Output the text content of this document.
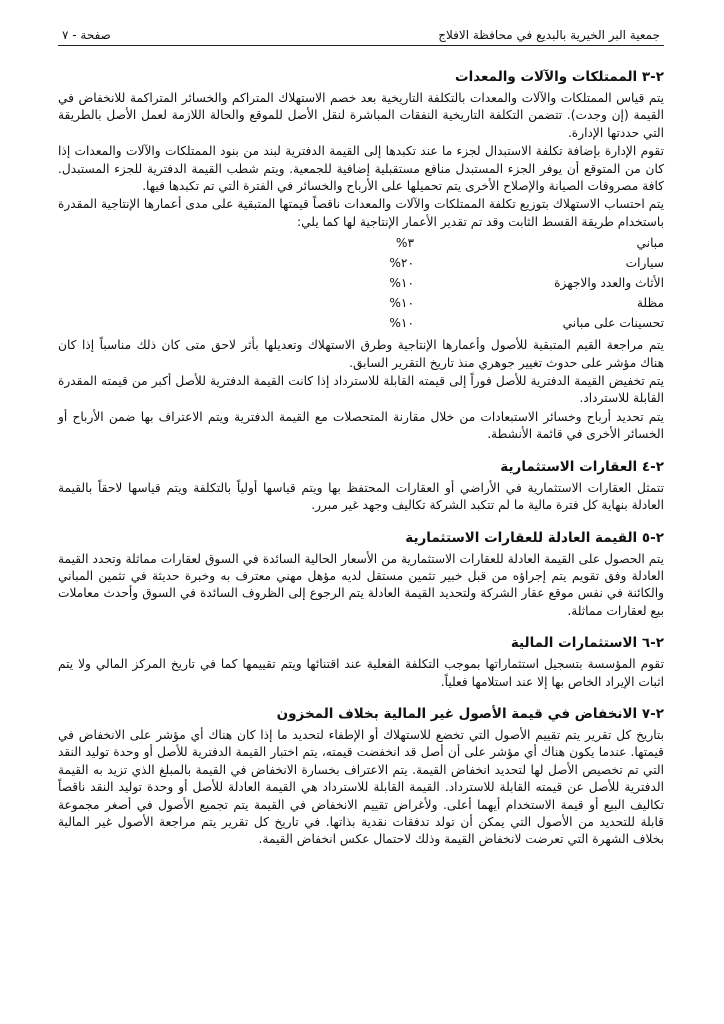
جمعية البر الخيرية بالبديع في محافظة الافلاج
صفحة - ٧
٢-٣ الممتلكات والآلات والمعدات

يتم قياس الممتلكات والآلات والمعدات بالتكلفة التاريخية بعد خصم الاستهلاك المتراكم والخسائر المتراكمة للانخفاض في القيمة (إن وجدت). تتضمن التكلفة التاريخية النفقات المباشرة لنقل الأصل للموقع والحالة اللازمة لعمل الأصل بالطريقة التي حددتها الإدارة.

تقوم الإدارة بإضافة تكلفة الاستبدال لجزء ما عند تكبدها إلى القيمة الدفترية لبند من بنود الممتلكات والآلات والمعدات إذا كان من المتوقع أن يوفر الجزء المستبدل منافع مستقبلية إضافية للجمعية. ويتم شطب القيمة الدفترية للجزء المستبدل. كافة مصروفات الصيانة والإصلاح الأخرى يتم تحميلها على الأرباح والخسائر في الفترة التي تم تكبدها فيها.

يتم احتساب الاستهلاك بتوزيع تكلفة الممتلكات والآلات والمعدات ناقصاً قيمتها المتبقية على مدى أعمارها الإنتاجية المقدرة باستخدام طريقة القسط الثابت وقد تم تقدير الأعمار الإنتاجية لها كما يلي:

مباني
٣%
سيارات
٢٠%
الأثاث والعدد والاجهزة
١٠%
مظلة
١٠%
تحسينات على مباني
١٠%

يتم مراجعة القيم المتبقية للأصول وأعمارها الإنتاجية وطرق الاستهلاك وتعديلها بأثر لاحق متى كان ذلك مناسباً إذا كان هناك مؤشر على حدوث تغيير جوهري منذ تاريخ التقرير السابق.

يتم تخفيض القيمة الدفترية للأصل فوراً إلى قيمته القابلة للاسترداد إذا كانت القيمة الدفترية للأصل أكبر من قيمته المقدرة القابلة للاسترداد.

يتم تحديد أرباح وخسائر الاستبعادات من خلال مقارنة المتحصلات مع القيمة الدفترية ويتم الاعتراف بها ضمن الأرباح أو الخسائر الأخرى في قائمة الأنشطة.

٢-٤ العقارات الاستثمارية

تتمثل العقارات الاستثمارية في الأراضي أو العقارات المحتفظ بها ويتم قياسها أولياً بالتكلفة ويتم قياسها لاحقاً بالقيمة العادلة بنهاية كل فترة مالية ما لم تتكبد الشركة تكاليف وجهد غير مبرر.

٢-٥ القيمة العادلة للعقارات الاستثمارية

يتم الحصول على القيمة العادلة للعقارات الاستثمارية من الأسعار الحالية السائدة في السوق لعقارات مماثلة وتحدد القيمة العادلة وفق تقويم يتم إجراؤه من قبل خبير تثمين مستقل لديه مؤهل مهني معترف به وخبرة حديثة في تثمين المباني والكائنة في نفس موقع عقار الشركة ولتحديد القيمة العادلة يتم الرجوع إلى الظروف السائدة في السوق وأحدث معاملات بيع لعقارات مماثلة.

٢-٦ الاستثمارات المالية

تقوم المؤسسة بتسجيل استثماراتها بموجب التكلفة الفعلية عند اقتنائها ويتم تقييمها كما في تاريخ المركز المالي ولا يتم اثبات الإيراد الخاص بها إلا عند استلامها فعلياً.

٢-٧ الانخفاض في قيمة الأصول غير المالية بخلاف المخزون

بتاريخ كل تقرير يتم تقييم الأصول التي تخضع للاستهلاك أو الإطفاء لتحديد ما إذا كان هناك أي مؤشر على الانخفاض في قيمتها. عندما يكون هناك أي مؤشر على أن أصل قد انخفضت قيمته، يتم اختبار القيمة الدفترية للأصل أو وحدة توليد النقد التي تم تخصيص الأصل لها لتحديد انخفاض القيمة. يتم الاعتراف بخسارة الانخفاض في القيمة بالمبلغ الذي تزيد به القيمة الدفترية للأصل عن قيمته القابلة للاسترداد. القيمة القابلة للاسترداد هي القيمة العادلة للأصل أو وحدة توليد النقد ناقصاً تكاليف البيع أو قيمة الاستخدام أيهما أعلى. ولأغراض تقييم الانخفاض في القيمة يتم تجميع الأصول في أصغر مجموعة قابلة للتحديد من الأصول التي يمكن أن تولد تدفقات نقدية بذاتها. في تاريخ كل تقرير يتم مراجعة الأصول غير المالية بخلاف الشهرة التي تعرضت لانخفاض القيمة وذلك لاحتمال عكس انخفاض القيمة.
